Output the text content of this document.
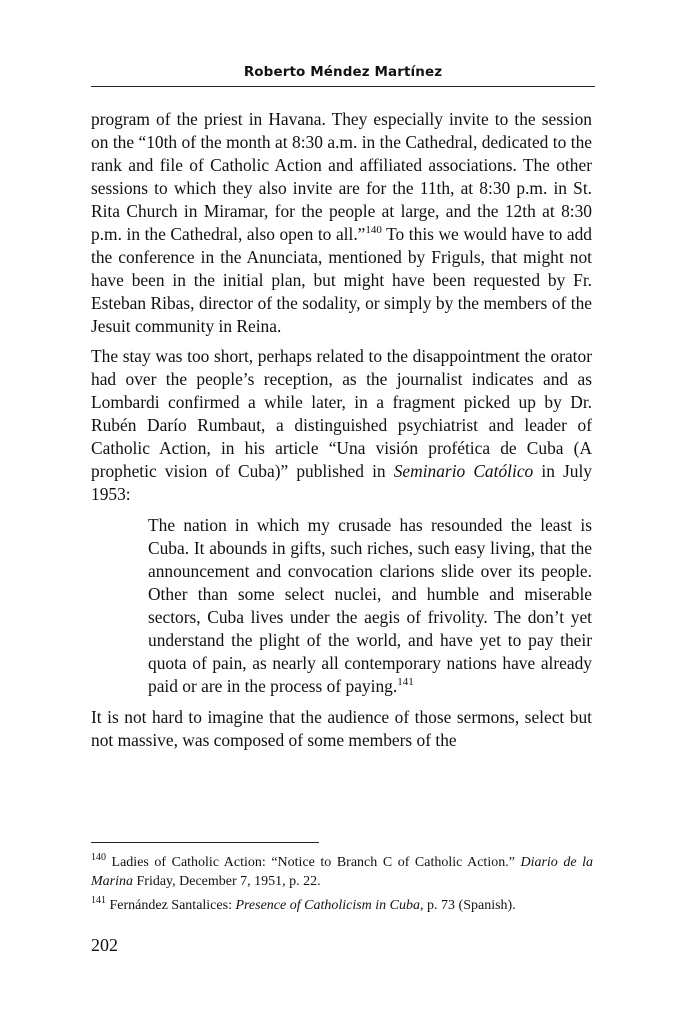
Roberto Méndez Martínez

program of the priest in Havana. They especially invite to the session on the “10th of the month at 8:30 a.m. in the Cathedral, dedicated to the rank and file of Catholic Action and affiliated associations. The other sessions to which they also invite are for the 11th, at 8:30 p.m. in St. Rita Church in Miramar, for the people at large, and the 12th at 8:30 p.m. in the Cathedral, also open to all.”$^{140}$ To this we would have to add the conference in the Anunciata, mentioned by Friguls, that might not have been in the initial plan, but might have been requested by Fr. Esteban Ribas, director of the sodality, or simply by the members of the Jesuit community in Reina.

The stay was too short, perhaps related to the disappointment the orator had over the people’s reception, as the journalist indicates and as Lombardi confirmed a while later, in a fragment picked up by Dr. Rubén Darío Rumbaut, a distinguished psychiatrist and leader of Catholic Action, in his article “Una visión profética de Cuba (A prophetic vision of Cuba)” published in Seminario Católico in July 1953:

The nation in which my crusade has resounded the least is Cuba. It abounds in gifts, such riches, such easy living, that the announcement and convocation clarions slide over its people. Other than some select nuclei, and humble and miserable sectors, Cuba lives under the aegis of frivolity. The don’t yet understand the plight of the world, and have yet to pay their quota of pain, as nearly all contemporary nations have already paid or are in the process of paying.$^{141}$

It is not hard to imagine that the audience of those sermons, select but not massive, was composed of some members of the

$^{140}$ Ladies of Catholic Action: “Notice to Branch C of Catholic Action.” Diario de la Marina Friday, December 7, 1951, p. 22.

$^{141}$ Fernández Santalices: Presence of Catholicism in Cuba, p. 73 (Spanish).

202
